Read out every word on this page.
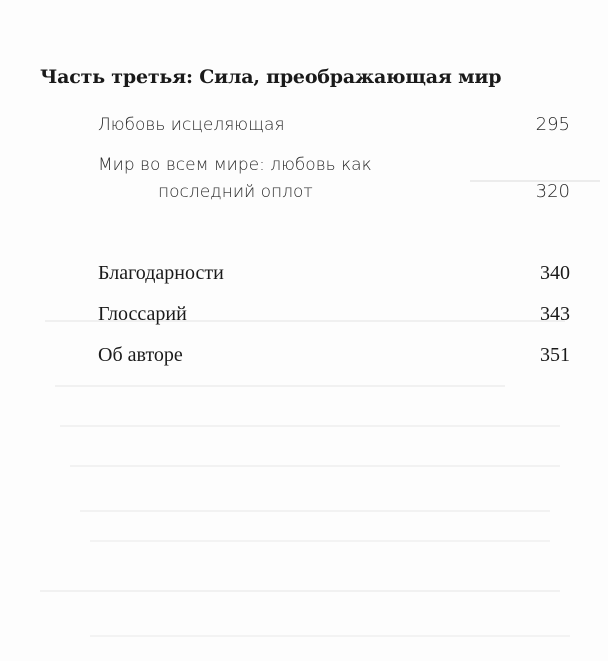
Часть третья: Сила, преображающая мир
Любовь исцеляющая	295
Мир во всем мире: любовь как
последний оплот	320
Благодарности	340
Глоссарий	343
Об авторе	351
